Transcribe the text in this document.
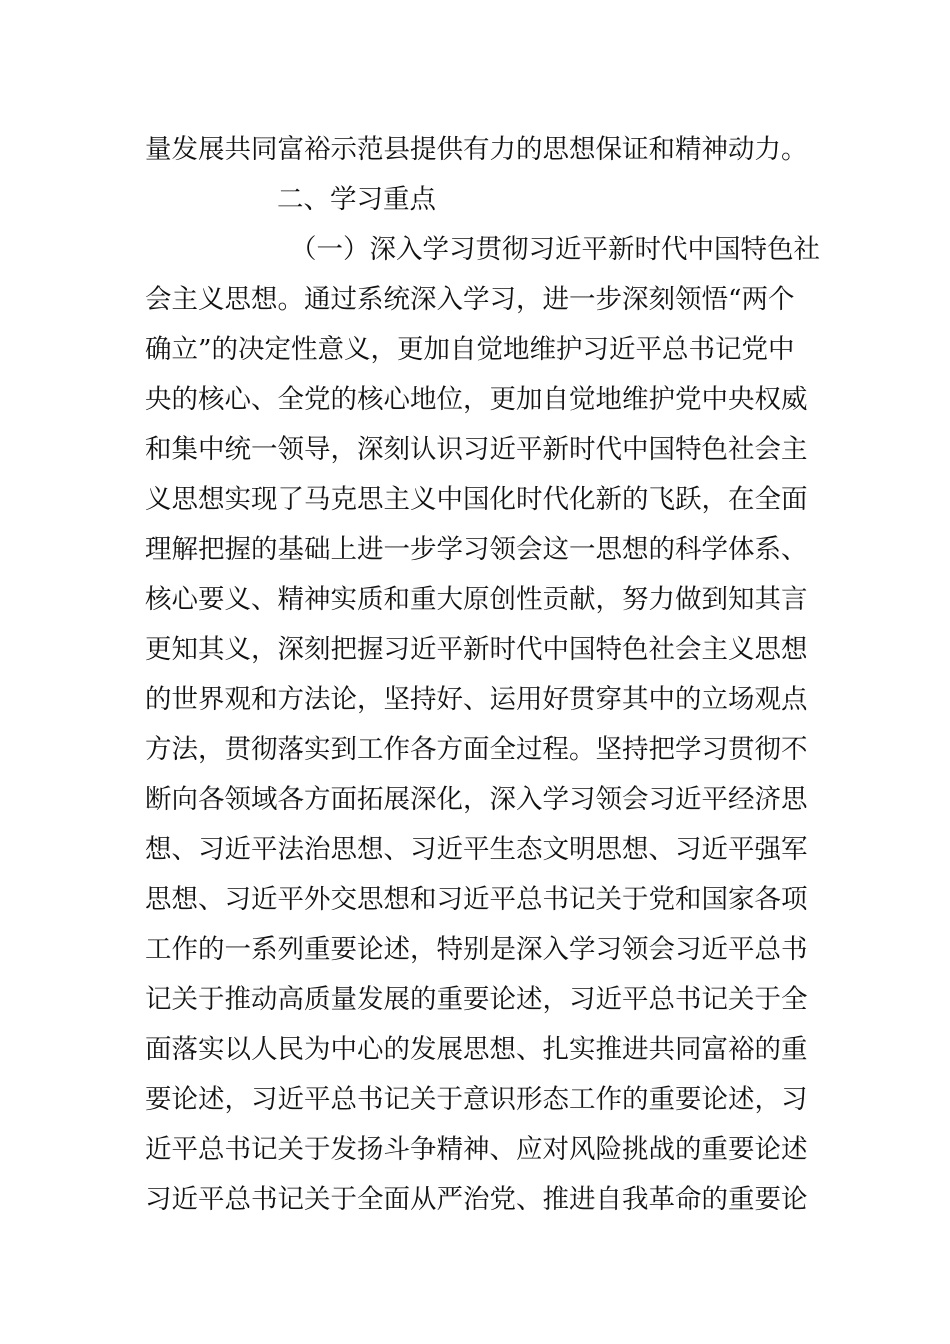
量发展共同富裕示范县提供有力的思想保证和精神动力。
二、学习重点
（一）深入学习贯彻习近平新时代中国特色社
会主义思想。通过系统深入学习，进一步深刻领悟“两个
确立”的决定性意义，更加自觉地维护习近平总书记党中
央的核心、全党的核心地位，更加自觉地维护党中央权威
和集中统一领导，深刻认识习近平新时代中国特色社会主
义思想实现了马克思主义中国化时代化新的飞跃，在全面
理解把握的基础上进一步学习领会这一思想的科学体系、
核心要义、精神实质和重大原创性贡献，努力做到知其言
更知其义，深刻把握习近平新时代中国特色社会主义思想
的世界观和方法论，坚持好、运用好贯穿其中的立场观点
方法，贯彻落实到工作各方面全过程。坚持把学习贯彻不
断向各领域各方面拓展深化，深入学习领会习近平经济思
想、习近平法治思想、习近平生态文明思想、习近平强军
思想、习近平外交思想和习近平总书记关于党和国家各项
工作的一系列重要论述，特别是深入学习领会习近平总书
记关于推动高质量发展的重要论述，习近平总书记关于全
面落实以人民为中心的发展思想、扎实推进共同富裕的重
要论述，习近平总书记关于意识形态工作的重要论述，习
近平总书记关于发扬斗争精神、应对风险挑战的重要论述
习近平总书记关于全面从严治党、推进自我革命的重要论
